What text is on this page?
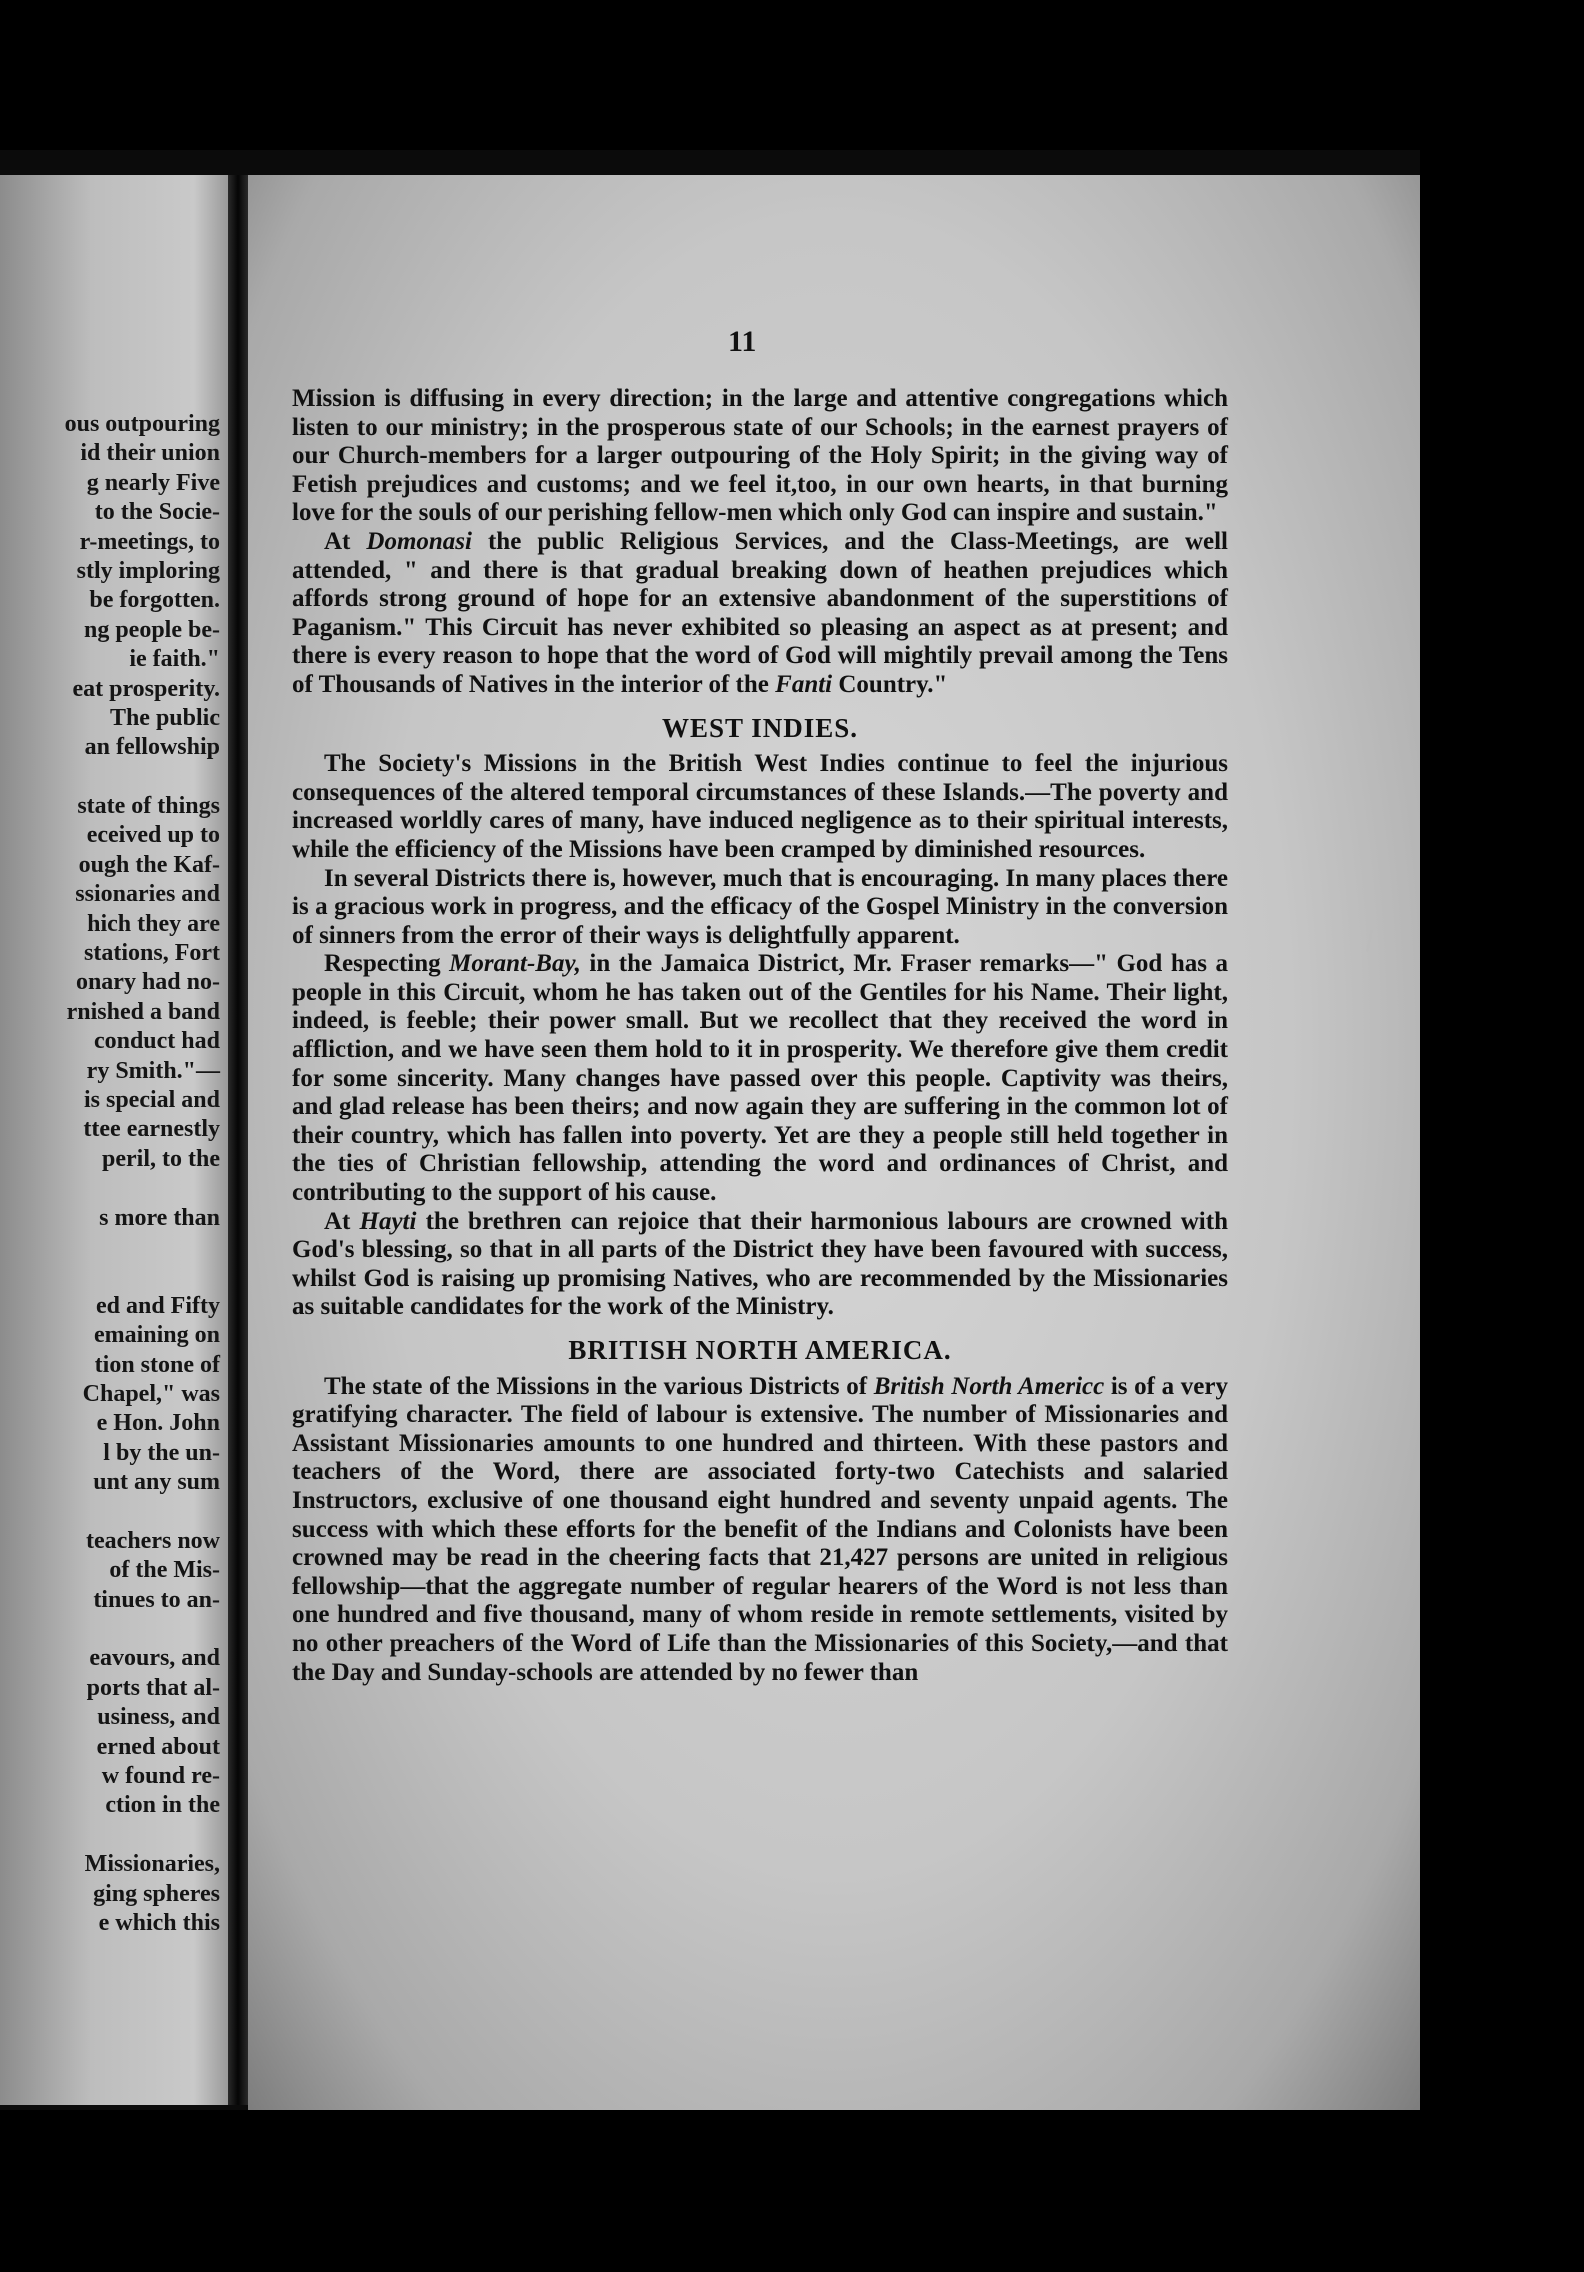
ous outpouring
id their union
g nearly Five
to the Socie-
r-meetings, to
stly imploring
be forgotten.
ng people be-
ie faith."
eat prosperity.
The public
an fellowship
state of things
eceived up to
ough the Kaf-
ssionaries and
hich they are
stations, Fort
onary had no-
rnished a band
conduct had
ry Smith."—
is special and
ttee earnestly
peril, to the
s more than
ed and Fifty
emaining on
tion stone of
Chapel," was
e Hon. John
l by the un-
unt any sum
teachers now
of the Mis-
tinues to an-
eavours, and
ports that al-
usiness, and
erned about
w found re-
ction in the
Missionaries,
ging spheres
e which this
11

Mission is diffusing in every direction; in the large and attentive congregations which listen to our ministry; in the prosperous state of our Schools; in the earnest prayers of our Church-members for a larger outpouring of the Holy Spirit; in the giving way of Fetish prejudices and customs; and we feel it,too, in our own hearts, in that burning love for the souls of our perishing fellow-men which only God can inspire and sustain."

At Domonasi the public Religious Services, and the Class-Meetings, are well attended, " and there is that gradual breaking down of heathen prejudices which affords strong ground of hope for an extensive abandonment of the superstitions of Paganism." This Circuit has never exhibited so pleasing an aspect as at present; and there is every reason to hope that the word of God will mightily prevail among the Tens of Thousands of Natives in the interior of the Fanti Country."

WEST INDIES.

The Society's Missions in the British West Indies continue to feel the injurious consequences of the altered temporal circumstances of these Islands.—The poverty and increased worldly cares of many, have induced negligence as to their spiritual interests, while the efficiency of the Missions have been cramped by diminished resources.

In several Districts there is, however, much that is encouraging. In many places there is a gracious work in progress, and the efficacy of the Gospel Ministry in the conversion of sinners from the error of their ways is delightfully apparent.

Respecting Morant-Bay, in the Jamaica District, Mr. Fraser remarks—" God has a people in this Circuit, whom he has taken out of the Gentiles for his Name. Their light, indeed, is feeble; their power small. But we recollect that they received the word in affliction, and we have seen them hold to it in prosperity. We therefore give them credit for some sincerity. Many changes have passed over this people. Captivity was theirs, and glad release has been theirs; and now again they are suffering in the common lot of their country, which has fallen into poverty. Yet are they a people still held together in the ties of Christian fellowship, attending the word and ordinances of Christ, and contributing to the support of his cause.

At Hayti the brethren can rejoice that their harmonious labours are crowned with God's blessing, so that in all parts of the District they have been favoured with success, whilst God is raising up promising Natives, who are recommended by the Missionaries as suitable candidates for the work of the Ministry.

BRITISH NORTH AMERICA.

The state of the Missions in the various Districts of British North Americc is of a very gratifying character. The field of labour is extensive. The number of Missionaries and Assistant Missionaries amounts to one hundred and thirteen. With these pastors and teachers of the Word, there are associated forty-two Catechists and salaried Instructors, exclusive of one thousand eight hundred and seventy unpaid agents. The success with which these efforts for the benefit of the Indians and Colonists have been crowned may be read in the cheering facts that 21,427 persons are united in religious fellowship—that the aggregate number of regular hearers of the Word is not less than one hundred and five thousand, many of whom reside in remote settlements, visited by no other preachers of the Word of Life than the Missionaries of this Society,—and that the Day and Sunday-schools are attended by no fewer than
